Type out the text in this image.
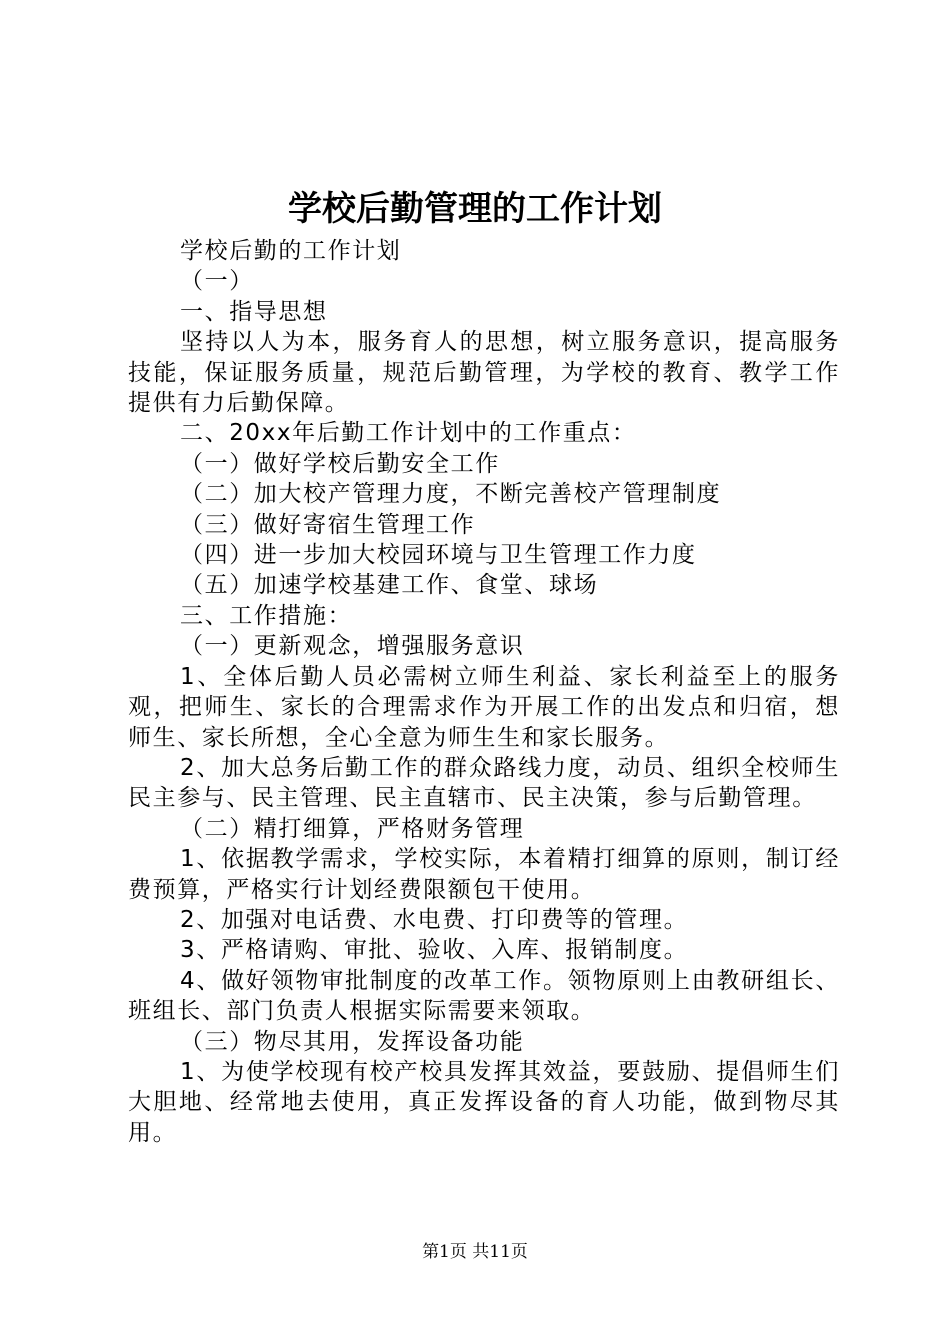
学校后勤管理的工作计划

学校后勤的工作计划

（一）

一、指导思想

坚持以人为本，服务育人的思想，树立服务意识，提高服务技能，保证服务质量，规范后勤管理，为学校的教育、教学工作提供有力后勤保障。

二、20xx年后勤工作计划中的工作重点：

（一）做好学校后勤安全工作

（二）加大校产管理力度，不断完善校产管理制度

（三）做好寄宿生管理工作

（四）进一步加大校园环境与卫生管理工作力度

（五）加速学校基建工作、食堂、球场

三、工作措施：

（一）更新观念，增强服务意识

1、全体后勤人员必需树立师生利益、家长利益至上的服务观，把师生、家长的合理需求作为开展工作的出发点和归宿，想师生、家长所想，全心全意为师生生和家长服务。

2、加大总务后勤工作的群众路线力度，动员、组织全校师生民主参与、民主管理、民主直辖市、民主决策，参与后勤管理。

（二）精打细算，严格财务管理

1、依据教学需求，学校实际，本着精打细算的原则，制订经费预算，严格实行计划经费限额包干使用。

2、加强对电话费、水电费、打印费等的管理。

3、严格请购、审批、验收、入库、报销制度。

4、做好领物审批制度的改革工作。领物原则上由教研组长、班组长、部门负责人根据实际需要来领取。

（三）物尽其用，发挥设备功能

1、为使学校现有校产校具发挥其效益，要鼓励、提倡师生们大胆地、经常地去使用，真正发挥设备的育人功能，做到物尽其用。

第1页 共11页
